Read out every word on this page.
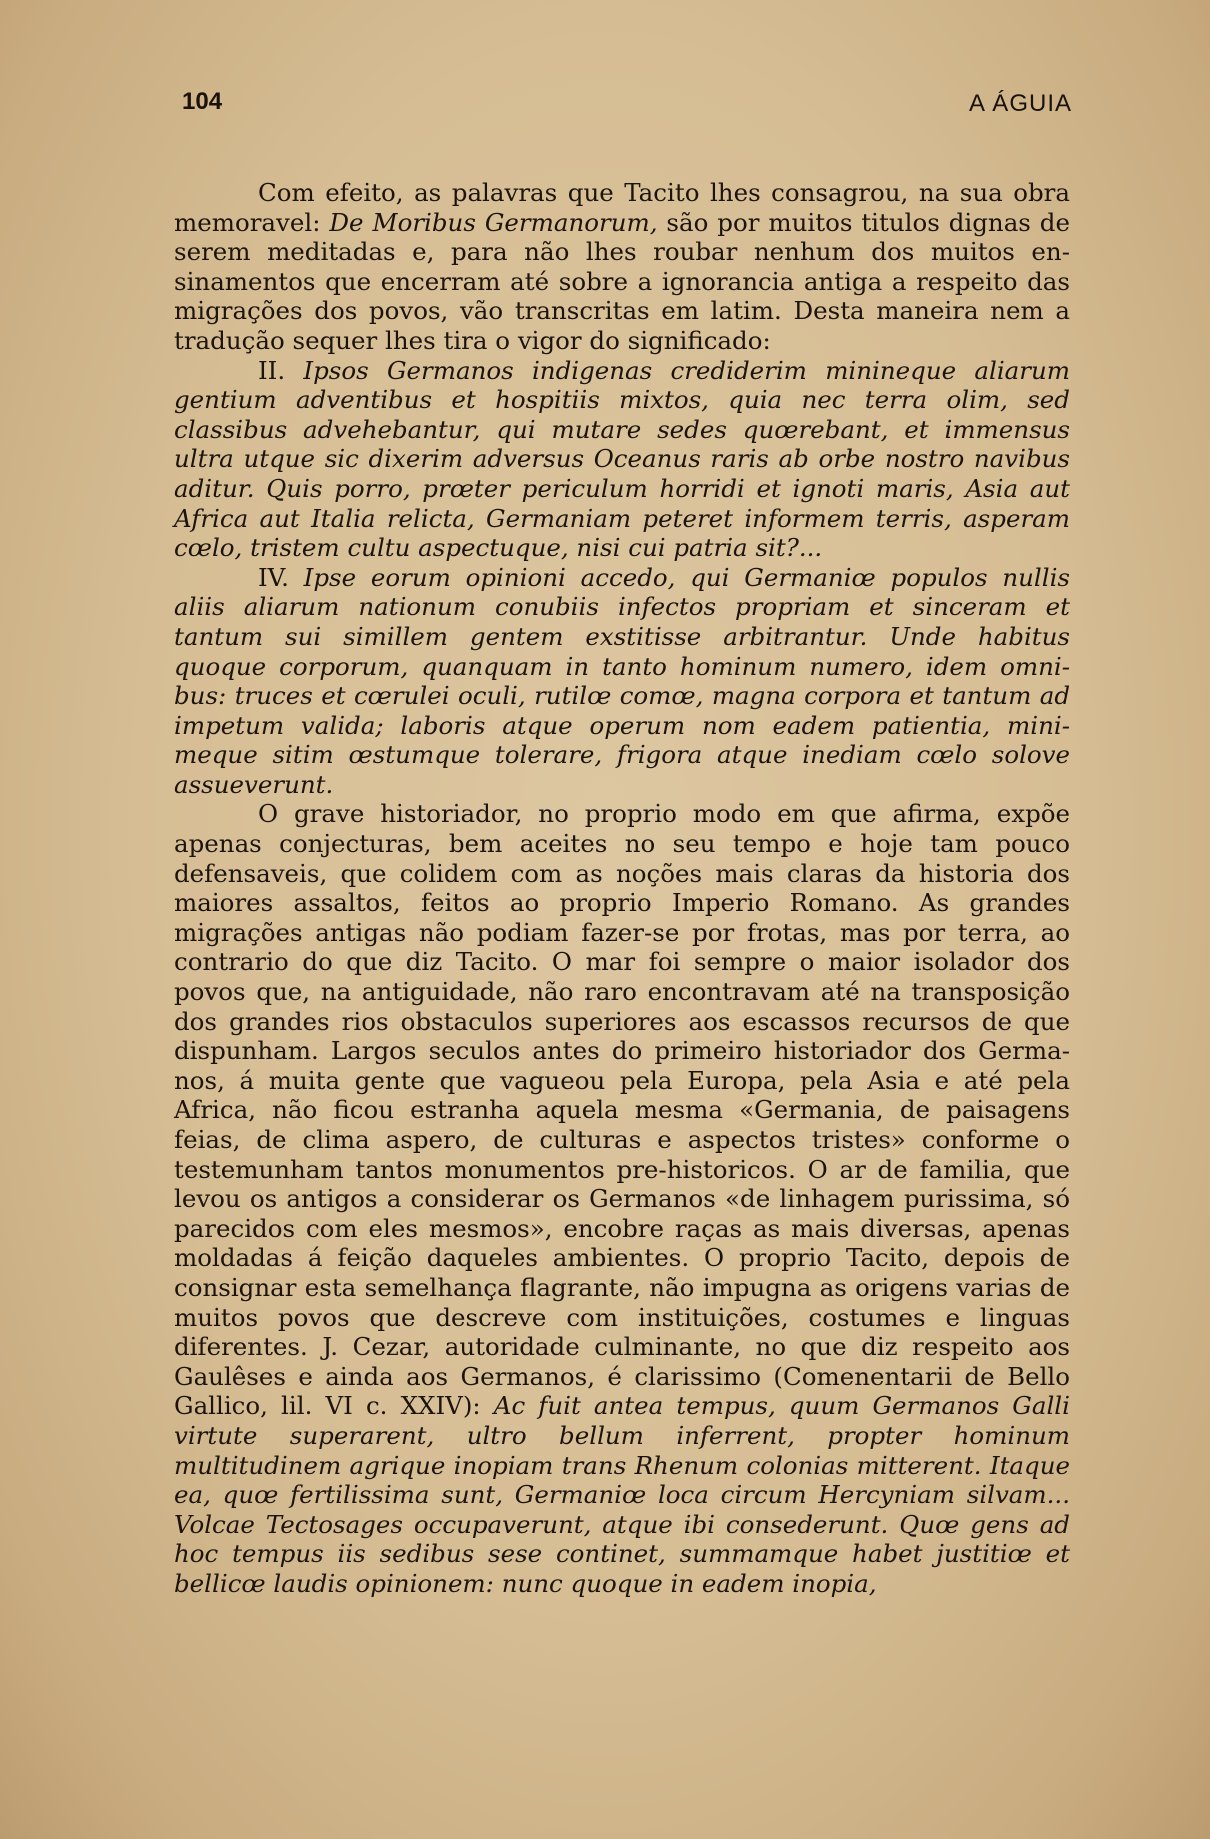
104	A ÁGUIA

Com efeito, as palavras que Tacito lhes consagrou, na sua obra memoravel: De Moribus Germanorum, são por muitos titulos dignas de serem meditadas e, para não lhes roubar nenhum dos muitos ensinamentos que encerram até sobre a ignorancia antiga a respeito das migrações dos povos, vão transcritas em latim. Desta maneira nem a tradução sequer lhes tira o vigor do significado:

II. Ipsos Germanos indigenas crediderim minineque aliarum gentium adventibus et hospitiis mixtos, quia nec terra olim, sed classibus advehebantur, qui mutare sedes quœrebant, et immensus ultra utque sic dixerim adversus Oceanus raris ab orbe nostro navibus aditur. Quis porro, prœter periculum horridi et ignoti maris, Asia aut Africa aut Italia relicta, Germaniam peteret informem terris, asperam cœlo, tristem cultu aspectuque, nisi cui patria sit?...

IV. Ipse eorum opinioni accedo, qui Germaniœ populos nullis aliis aliarum nationum conubiis infectos propriam et sinceram et tantum sui simillem gentem exstitisse arbitrantur. Unde habitus quoque corporum, quanquam in tanto hominum numero, idem omnibus: truces et cœrulei oculi, rutilœ comœ, magna corpora et tantum ad impetum valida; laboris atque operum nom eadem patientia, minimeque sitim œstumque tolerare, frigora atque inediam cœlo solove assueverunt.

O grave historiador, no proprio modo em que afirma, expõe apenas conjecturas, bem aceites no seu tempo e hoje tam pouco defensaveis, que colidem com as noções mais claras da historia dos maiores assaltos, feitos ao proprio Imperio Romano. As grandes migrações antigas não podiam fazer-se por frotas, mas por terra, ao contrario do que diz Tacito. O mar foi sempre o maior isolador dos povos que, na antiguidade, não raro encontravam até na transposição dos grandes rios obstaculos superiores aos escassos recursos de que dispunham. Largos seculos antes do primeiro historiador dos Germanos, á muita gente que vagueou pela Europa, pela Asia e até pela Africa, não ficou estranha aquela mesma «Germania, de paisagens feias, de clima aspero, de culturas e aspectos tristes» conforme o testemunham tantos monumentos pre-historicos. O ar de familia, que levou os antigos a considerar os Germanos «de linhagem purissima, só parecidos com eles mesmos», encobre raças as mais diversas, apenas moldadas á feição daqueles ambientes. O proprio Tacito, depois de consignar esta semelhança flagrante, não impugna as origens varias de muitos povos que descreve com instituições, costumes e linguas diferentes. J. Cezar, autoridade culminante, no que diz respeito aos Gaulêses e ainda aos Germanos, é clarissimo (Comenentarii de Bello Gallico, lil. VI c. XXIV): Ac fuit antea tempus, quum Germanos Galli virtute superarent, ultro bellum inferrent, propter hominum multitudinem agrique inopiam trans Rhenum colonias mitterent. Itaque ea, quœ fertilissima sunt, Germaniœ loca circum Hercyniam silvam... Volcae Tectosages occupaverunt, atque ibi consederunt. Quœ gens ad hoc tempus iis sedibus sese continet, summamque habet justitiœ et bellicœ laudis opinionem: nunc quoque in eadem inopia,
